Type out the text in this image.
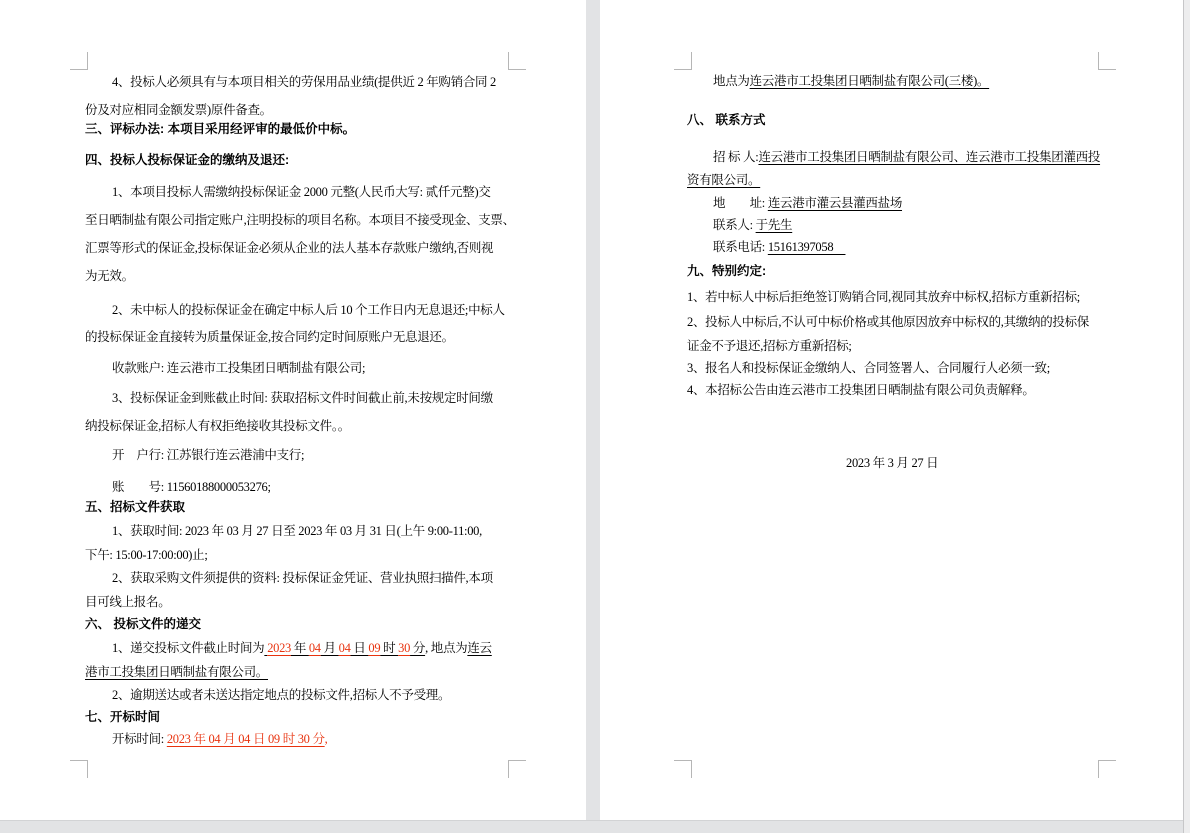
4、投标人必须具有与本项目相关的劳保用品业绩(提供近 2 年购销合同 2
份及对应相同金额发票)原件备查。
三、评标办法: 本项目采用经评审的最低价中标。
四、投标人投标保证金的缴纳及退还:
1、本项目投标人需缴纳投标保证金 2000 元整(人民币大写: 贰仟元整)交
至日晒制盐有限公司指定账户,注明投标的项目名称。本项目不接受现金、支票、
汇票等形式的保证金,投标保证金必须从企业的法人基本存款账户缴纳,否则视
为无效。
2、未中标人的投标保证金在确定中标人后 10 个工作日内无息退还;中标人
的投标保证金直接转为质量保证金,按合同约定时间原账户无息退还。
收款账户: 连云港市工投集团日晒制盐有限公司;
3、投标保证金到账截止时间: 获取招标文件时间截止前,未按规定时间缴
纳投标保证金,招标人有权拒绝接收其投标文件。。
开　户行: 江苏银行连云港浦中支行;
账　　号: 11560188000053276;
五、招标文件获取
1、获取时间: 2023 年 03 月 27 日至 2023 年 03 月 31 日(上午 9:00-11:00,
下午: 15:00-17:00:00)止;
2、获取采购文件须提供的资料: 投标保证金凭证、营业执照扫描件,本项
目可线上报名。
六、 投标文件的递交
1、递交投标文件截止时间为 2023 年 04 月 04 日 09 时 30 分, 地点为连云
港市工投集团日晒制盐有限公司。
2、逾期送达或者未送达指定地点的投标文件,招标人不予受理。
七、开标时间
开标时间: 2023 年 04 月 04 日 09 时 30 分,
地点为连云港市工投集团日晒制盐有限公司(三楼)。
八、 联系方式
招 标 人:连云港市工投集团日晒制盐有限公司、连云港市工投集团灌西投
资有限公司。
地　　址: 连云港市灌云县灌西盐场
联系人: 于先生
联系电话: 15161397058　
九、特别约定:
1、若中标人中标后拒绝签订购销合同,视同其放弃中标权,招标方重新招标;
2、投标人中标后,不认可中标价格或其他原因放弃中标权的,其缴纳的投标保
证金不予退还,招标方重新招标;
3、报名人和投标保证金缴纳人、合同签署人、合同履行人必须一致;
4、本招标公告由连云港市工投集团日晒制盐有限公司负责解释。
2023 年 3 月 27 日
